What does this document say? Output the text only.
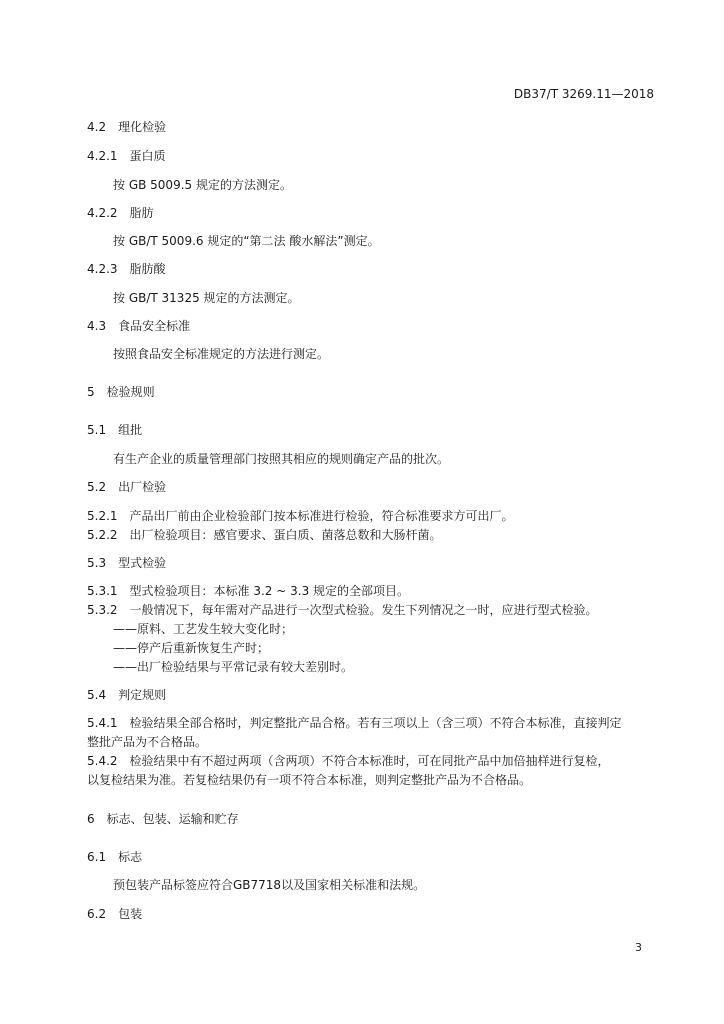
DB37/T 3269.11—2018
4.2　理化检验
4.2.1　蛋白质
按 GB 5009.5 规定的方法测定。
4.2.2　脂肪
按 GB/T 5009.6 规定的“第二法 酸水解法”测定。
4.2.3　脂肪酸
按 GB/T 31325 规定的方法测定。
4.3　食品安全标准
按照食品安全标准规定的方法进行测定。
5　检验规则
5.1　组批
有生产企业的质量管理部门按照其相应的规则确定产品的批次。
5.2　出厂检验
5.2.1　产品出厂前由企业检验部门按本标准进行检验，符合标准要求方可出厂。
5.2.2　出厂检验项目：感官要求、蛋白质、菌落总数和大肠杆菌。
5.3　型式检验
5.3.1　型式检验项目：本标准 3.2 ~ 3.3 规定的全部项目。
5.3.2　一般情况下，每年需对产品进行一次型式检验。发生下列情况之一时，应进行型式检验。
——原料、工艺发生较大变化时；
——停产后重新恢复生产时；
——出厂检验结果与平常记录有较大差别时。
5.4　判定规则
5.4.1　检验结果全部合格时，判定整批产品合格。若有三项以上（含三项）不符合本标准，直接判定
整批产品为不合格品。
5.4.2　检验结果中有不超过两项（含两项）不符合本标准时，可在同批产品中加倍抽样进行复检，
以复检结果为准。若复检结果仍有一项不符合本标准，则判定整批产品为不合格品。
6　标志、包装、运输和贮存
6.1　标志
预包装产品标签应符合GB7718以及国家相关标准和法规。
6.2　包装
3
